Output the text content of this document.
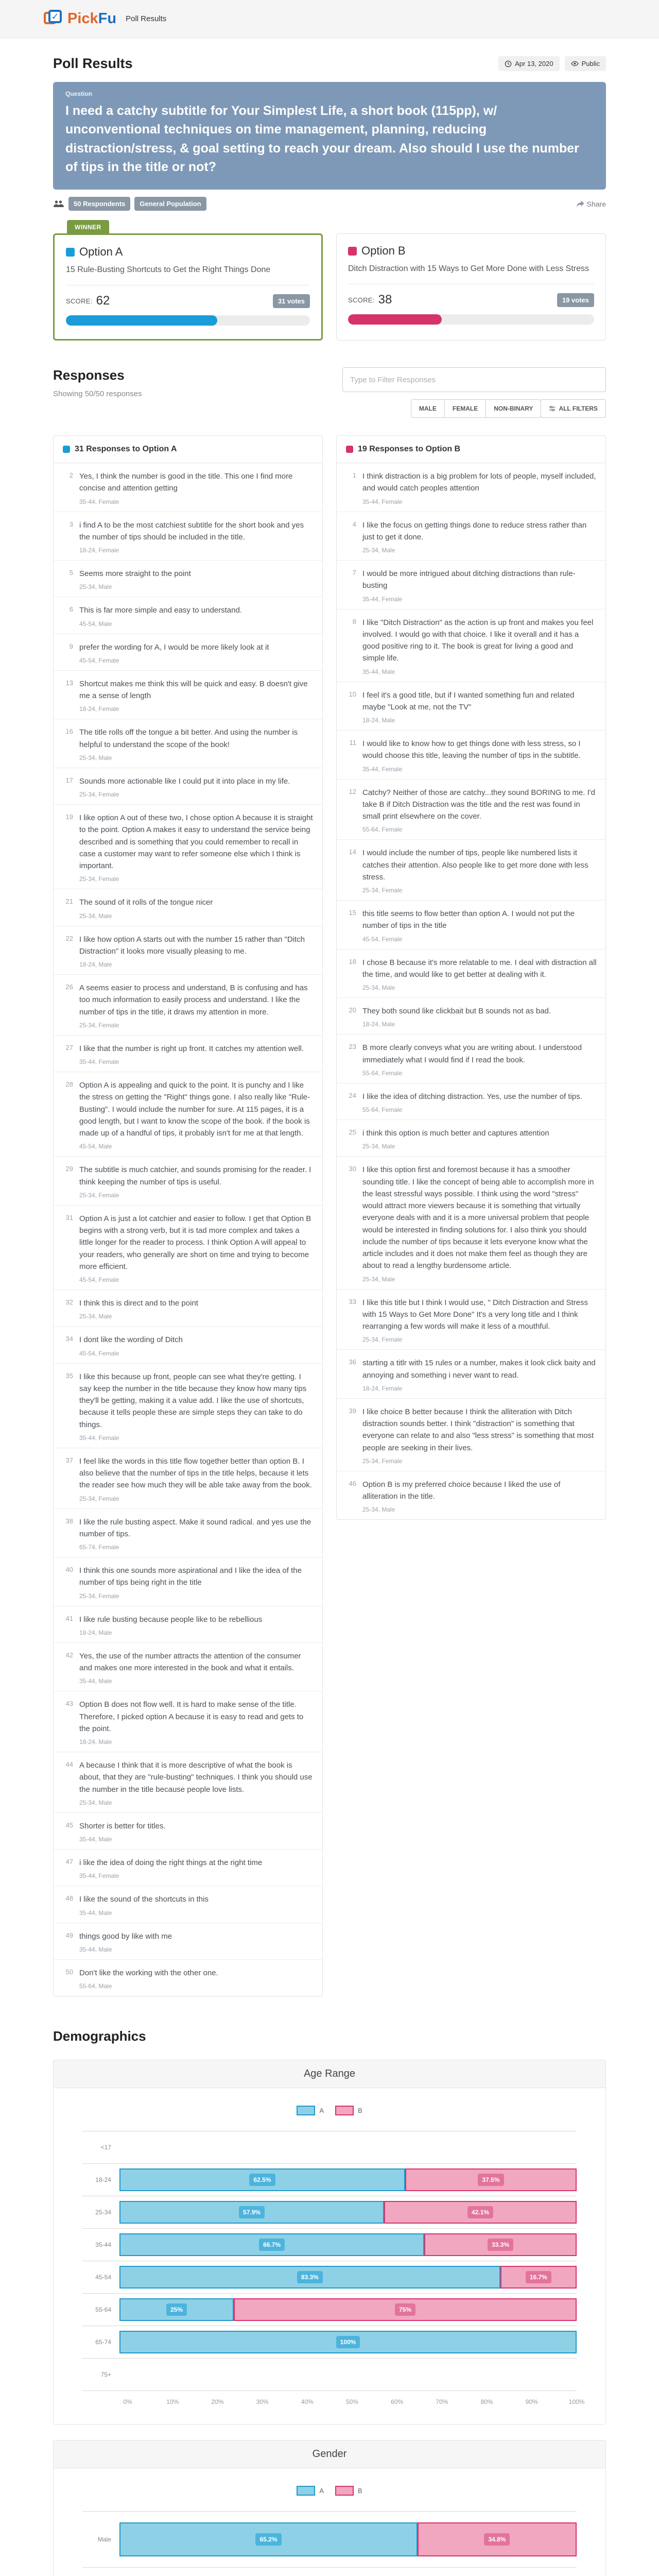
✓ Pick Fu Poll Results
Poll Results	Apr 13, 2020	Public
Question
I need a catchy subtitle for Your Simplest Life, a short book (115pp), w/ unconventional techniques on time management, planning, reducing distraction/stress, & goal setting to reach your dream. Also should I use the number of tips in the title or not?
50 Respondents	General Population	Share
WINNER
Option A
15 Rule-Busting Shortcuts to Get the Right Things Done
SCORE: 62	31 votes
Option B
Ditch Distraction with 15 Ways to Get More Done with Less Stress
SCORE: 38	19 votes
Responses
Showing 50/50 responses
Type to Filter Responses
MALE	FEMALE	NON-BINARY	ALL FILTERS
31 Responses to Option A
2 Yes, I think the number is good in the title. This one I find more concise and attention getting
35-44, Female
3 i find A to be the most catchiest subtitle for the short book and yes the number of tips should be included in the title.
18-24, Female
5 Seems more straight to the point
25-34, Male
6 This is far more simple and easy to understand.
45-54, Male
9 prefer the wording for A, I would be more likely look at it
45-54, Female
13 Shortcut makes me think this will be quick and easy. B doesn't give me a sense of length
18-24, Female
16 The title rolls off the tongue a bit better. And using the number is helpful to understand the scope of the book!
25-34, Male
17 Sounds more actionable like I could put it into place in my life.
25-34, Female
19 I like option A out of these two, I chose option A because it is straight to the point. Option A makes it easy to understand the service being described and is something that you could remember to recall in case a customer may want to refer someone else which I think is important.
25-34, Female
21 The sound of it rolls of the tongue nicer
25-34, Male
22 I like how option A starts out with the number 15 rather than "Ditch Distraction" it looks more visually pleasing to me.
18-24, Male
26 A seems easier to process and understand, B is confusing and has too much information to easily process and understand. I like the number of tips in the title, it draws my attention in more.
25-34, Female
27 I like that the number is right up front. It catches my attention well.
35-44, Female
28 Option A is appealing and quick to the point. It is punchy and I like the stress on getting the "Right" things gone. I also really like "Rule-Busting". I would include the number for sure. At 115 pages, it is a good length, but I want to know the scope of the book. if the book is made up of a handful of tips, it probably isn't for me at that length.
45-54, Male
29 The subtitle is much catchier, and sounds promising for the reader. I think keeping the number of tips is useful.
25-34, Female
31 Option A is just a lot catchier and easier to follow. I get that Option B begins with a strong verb, but it is tad more complex and takes a little longer for the reader to process. I think Option A will appeal to your readers, who generally are short on time and trying to become more efficient.
45-54, Female
32 I think this is direct and to the point
25-34, Male
34 I dont like the wording of Ditch
45-54, Female
35 I like this because up front, people can see what they're getting. I say keep the number in the title because they know how many tips they'll be getting, making it a value add. I like the use of shortcuts, because it tells people these are simple steps they can take to do things.
35-44, Female
37 I feel like the words in this title flow together better than option B. I also believe that the number of tips in the title helps, because it lets the reader see how much they will be able take away from the book.
25-34, Female
38 I like the rule busting aspect. Make it sound radical. and yes use the number of tips.
65-74, Female
40 I think this one sounds more aspirational and I like the idea of the number of tips being right in the title
25-34, Female
41 I like rule busting because people like to be rebellious
18-24, Male
42 Yes, the use of the number attracts the attention of the consumer and makes one more interested in the book and what it entails.
35-44, Male
43 Option B does not flow well. It is hard to make sense of the title. Therefore, I picked option A because it is easy to read and gets to the point.
18-24, Male
44 A because I think that it is more descriptive of what the book is about, that they are "rule-busting" techniques. I think you should use the number in the title because people love lists.
25-34, Male
45 Shorter is better for titles.
35-44, Male
47 i like the idea of doing the right things at the right time
35-44, Female
48 I like the sound of the shortcuts in this
35-44, Male
49 things good by like with me
35-44, Male
50 Don't like the working with the other one.
55-64, Male
19 Responses to Option B
1 I think distraction is a big problem for lots of people, myself included, and would catch peoples attention
35-44, Female
4 I like the focus on getting things done to reduce stress rather than just to get it done.
25-34, Male
7 I would be more intrigued about ditching distractions than rule-busting
35-44, Female
8 I like "Ditch Distraction" as the action is up front and makes you feel involved. I would go with that choice. I like it overall and it has a good positive ring to it. The book is great for living a good and simple life.
35-44, Male
10 I feel it's a good title, but if I wanted something fun and related maybe "Look at me, not the TV"
18-24, Male
11 I would like to know how to get things done with less stress, so I would choose this title, leaving the number of tips in the subtitle.
35-44, Female
12 Catchy? Neither of those are catchy...they sound BORING to me. I'd take B if Ditch Distraction was the title and the rest was found in small print elsewhere on the cover.
55-64, Female
14 I would include the number of tips, people like numbered lists it catches their attention. Also people like to get more done with less stress.
25-34, Female
15 this title seems to flow better than option A. I would not put the number of tips in the title
45-54, Female
18 I chose B because it's more relatable to me. I deal with distraction all the time, and would like to get better at dealing with it.
25-34, Male
20 They both sound like clickbait but B sounds not as bad.
18-24, Male
23 B more clearly conveys what you are writing about. I understood immediately what I would find if I read the book.
55-64, Female
24 I like the idea of ditching distraction. Yes, use the number of tips.
55-64, Female
25 i think this option is much better and captures attention
25-34, Male
30 I like this option first and foremost because it has a smoother sounding title. I like the concept of being able to accomplish more in the least stressful ways possible. I think using the word "stress" would attract more viewers because it is something that virtually everyone deals with and it is a more universal problem that people would be interested in finding solutions for. I also think you should include the number of tips because it lets everyone know what the article includes and it does not make them feel as though they are about to read a lengthy burdensome article.
25-34, Male
33 I like this title but I think I would use, " Ditch Distraction and Stress with 15 Ways to Get More Done" It's a very long title and I think rearranging a few words will make it less of a mouthful.
25-34, Female
36 starting a titlr with 15 rules or a number, makes it look click baity and annoying and something i never want to read.
18-24, Female
39 I like choice B better because I think the alliteration with Ditch distraction sounds better. I think "distraction" is something that everyone can relate to and also "less stress" is something that most people are seeking in their lives.
25-34, Female
46 Option B is my preferred choice because I liked the use of alliteration in the title.
25-34, Male
Demographics
Age Range
A	B
<17
18-24	62.5%	37.5%
25-34	57.9%	42.1%
35-44	66.7%	33.3%
45-54	83.3%	16.7%
55-64	25%	75%
65-74	100%
75+
0%	10%	20%	30%	40%	50%	60%	70%	80%	90%	100%
Gender
A	B
Male	65.2%	34.8%
